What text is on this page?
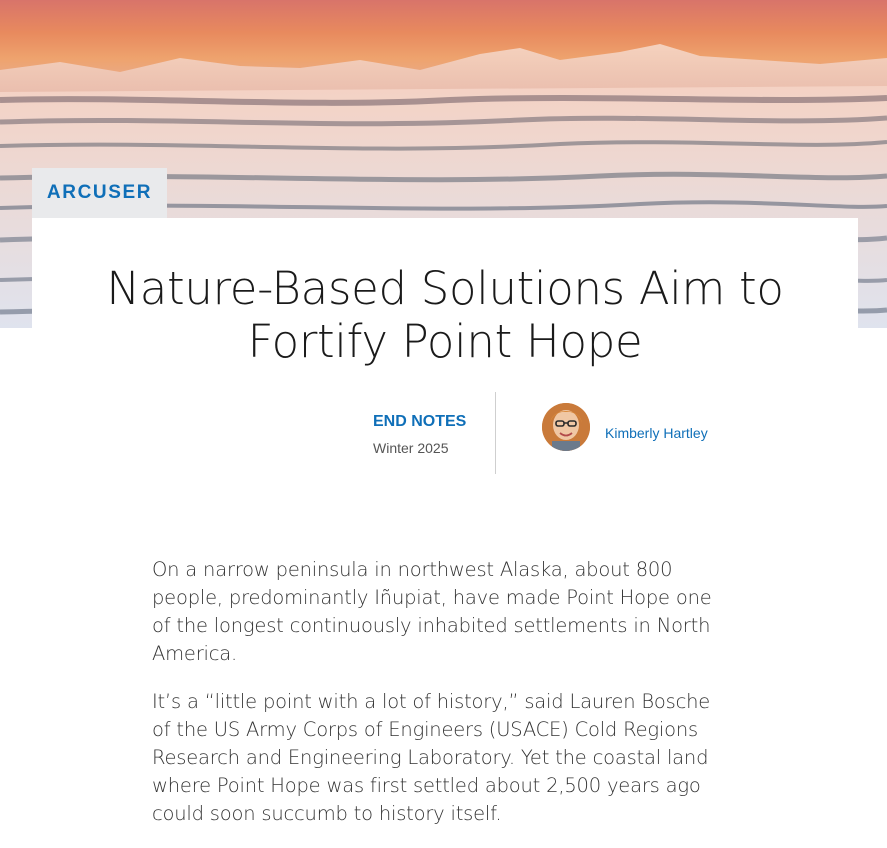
ARCUSER
Nature-Based Solutions Aim to Fortify Point Hope
END NOTES
Winter 2025
Kimberly Hartley

On a narrow peninsula in northwest Alaska, about 800 people, predominantly Iñupiat, have made Point Hope one of the longest continuously inhabited settlements in North America.

It’s a “little point with a lot of history,” said Lauren Bosche of the US Army Corps of Engineers (USACE) Cold Regions Research and Engineering Laboratory. Yet the coastal land where Point Hope was first settled about 2,500 years ago could soon succumb to history itself.
